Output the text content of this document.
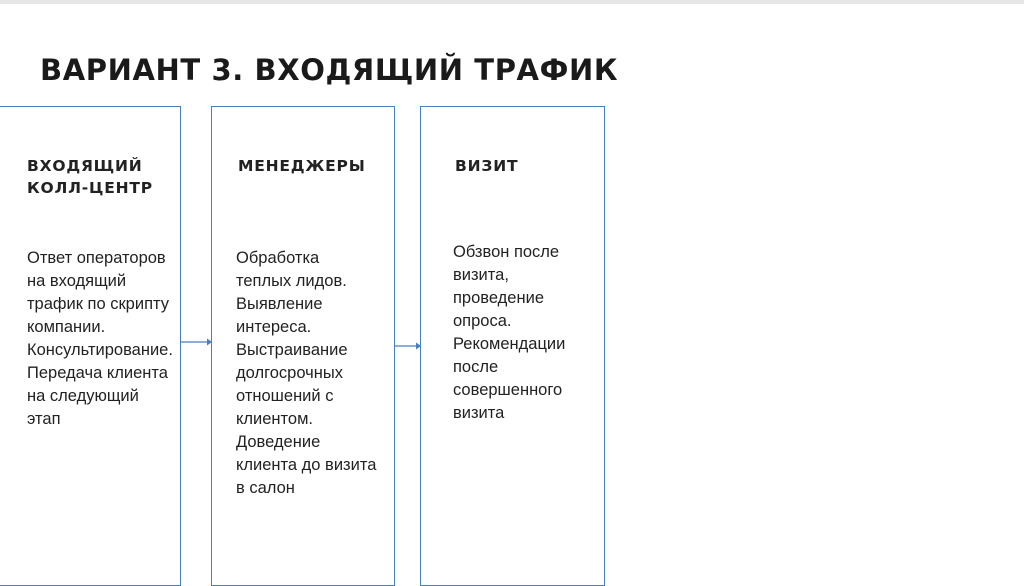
ВАРИАНТ 3. ВХОДЯЩИЙ ТРАФИК
ВХОДЯЩИЙ
КОЛЛ-ЦЕНТР
Ответ операторов
на входящий
трафик по скрипту
компании.
Консультирование.
Передача клиента
на следующий
этап
МЕНЕДЖЕРЫ
Обработка
теплых лидов.
Выявление
интереса.
Выстраивание
долгосрочных
отношений с
клиентом.
Доведение
клиента до визита
в салон
ВИЗИТ
Обзвон после
визита,
проведение
опроса.
Рекомендации
после
совершенного
визита
